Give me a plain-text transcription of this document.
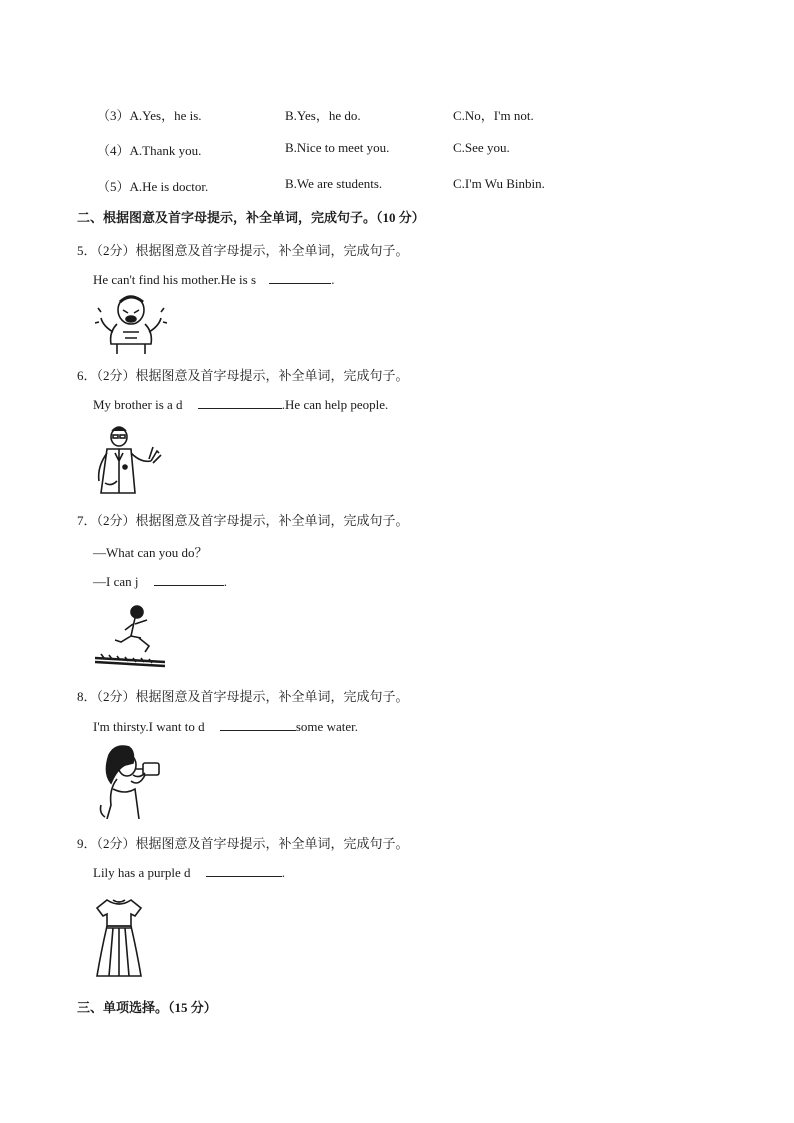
（3）A.Yes，he is.	B.Yes，he do.	C.No，I'm not.
（4）A.Thank you.	B.Nice to meet you.	C.See you.
（5）A.He is doctor.	B.We are students.	C.I'm Wu Binbin.
二、根据图意及首字母提示，补全单词，完成句子。（10 分）
5．（2分）根据图意及首字母提示，补全单词，完成句子。
He can't find his mother.He is s	.
6．（2分）根据图意及首字母提示，补全单词，完成句子。
My brother is a d	.He can help people.
7．（2分）根据图意及首字母提示，补全单词，完成句子。
—What can you do？
—I can j	.
8．（2分）根据图意及首字母提示，补全单词，完成句子。
I'm thirsty.I want to d	some water.
9．（2分）根据图意及首字母提示，补全单词，完成句子。
Lily has a purple d	.
三、单项选择。（15 分）
